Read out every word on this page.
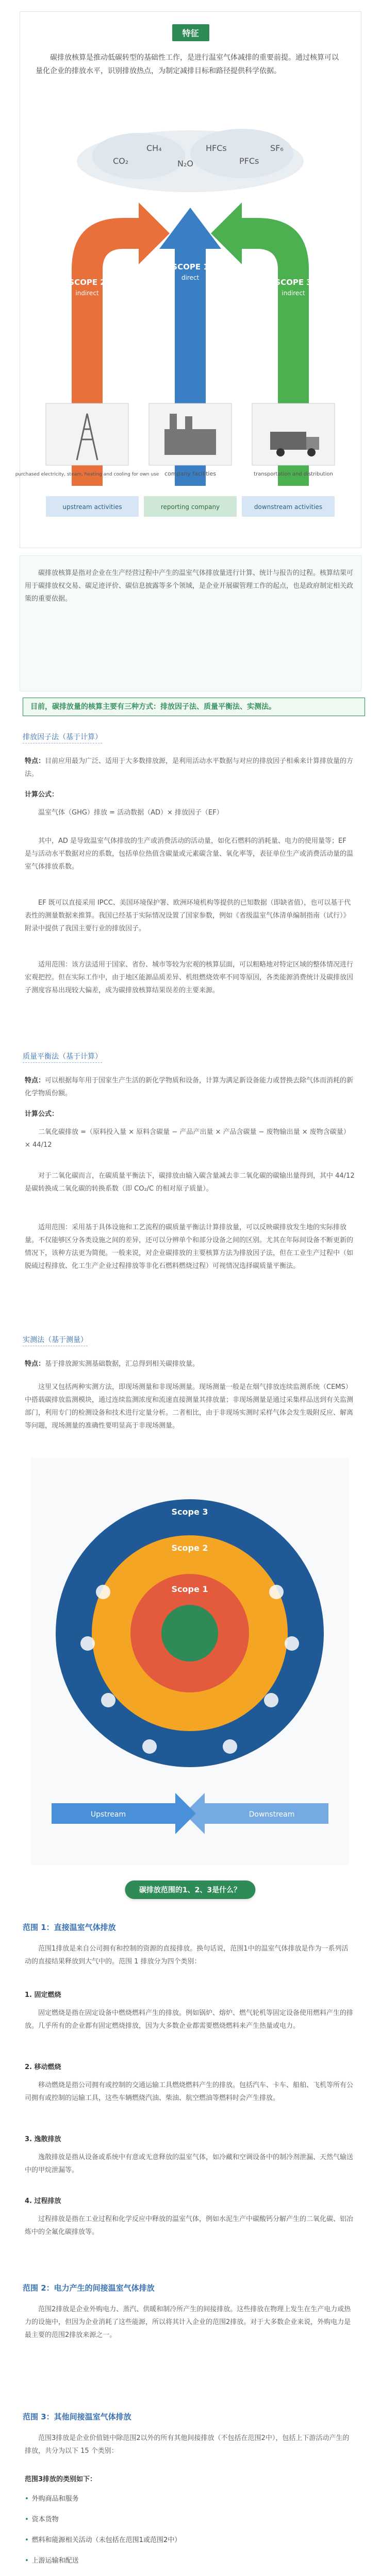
特征
碳排放核算是推动低碳转型的基础性工作，是进行温室气体减排的重要前提。通过核算可以量化企业的排放水平，识别排放热点，为制定减排目标和路径提供科学依据。
CO₂
CH₄
N₂O
HFCs
PFCs
SF₆
SCOPE 2
indirect
SCOPE 1
direct	SCOPE 3
indirect
purchased electricity, steam, heating and cooling for own use company facilities	transportation and distribution
upstream activities	reporting company	downstream activities
碳排放核算是指对企业在生产经营过程中产生的温室气体排放量进行计算、统计与报告的过程。核算结果可用于碳排放权交易、碳足迹评价、碳信息披露等多个领域，是企业开展碳管理工作的起点，也是政府制定相关政策的重要依据。
目前，碳排放量的核算主要有三种方式：排放因子法、质量平衡法、实测法。
排放因子法（基于计算）
特点：目前应用最为广泛、适用于大多数排放源，是利用活动水平数据与对应的排放因子相乘来计算排放量的方法。
计算公式：
温室气体（GHG）排放 = 活动数据（AD）× 排放因子（EF）
其中，AD 是导致温室气体排放的生产或消费活动的活动量，如化石燃料的消耗量、电力的使用量等；EF 是与活动水平数据对应的系数，包括单位热值含碳量或元素碳含量、氧化率等，表征单位生产或消费活动量的温室气体排放系数。
EF 既可以直接采用 IPCC、美国环境保护署、欧洲环境机构等提供的已知数据（即缺省值），也可以基于代表性的测量数据来推算。我国已经基于实际情况设置了国家参数，例如《省级温室气体清单编制指南（试行）》附录中提供了我国主要行业的排放因子。
适用范围：该方法适用于国家、省份、城市等较为宏观的核算层面，可以粗略地对特定区域的整体情况进行宏观把控。但在实际工作中，由于地区能源品质差异、机组燃烧效率不同等原因，各类能源消费统计及碳排放因子测度容易出现较大偏差，成为碳排放核算结果误差的主要来源。
质量平衡法（基于计算）
特点：可以根据每年用于国家生产生活的新化学物质和设备，计算为满足新设备能力或替换去除气体而消耗的新化学物质份额。
计算公式：
二氧化碳排放 =（原料投入量 × 原料含碳量 − 产品产出量 × 产品含碳量 − 废物输出量 × 废物含碳量）× 44/12
对于二氧化碳而言，在碳质量平衡法下，碳排放由输入碳含量减去非二氧化碳的碳输出量得到，其中 44/12 是碳转换成二氧化碳的转换系数（即 CO₂/C 的相对原子质量）。
适用范围：采用基于具体设施和工艺流程的碳质量平衡法计算排放量，可以反映碳排放发生地的实际排放量。不仅能够区分各类设施之间的差异，还可以分辨单个和部分设备之间的区别。尤其在年际间设备不断更新的情况下，该种方法更为简便。一般来说，对企业碳排放的主要核算方法为排放因子法，但在工业生产过程中（如脱硫过程排放、化工生产企业过程排放等非化石燃料燃烧过程）可视情况选择碳质量平衡法。
实测法（基于测量）
特点：基于排放源实测基础数据，汇总得到相关碳排放量。
这里又包括两种实测方法，即现场测量和非现场测量。现场测量一般是在烟气排放连续监测系统（CEMS）中搭载碳排放监测模块，通过连续监测浓度和流速直接测量其排放量；非现场测量是通过采集样品送到有关监测部门，利用专门的检测设备和技术进行定量分析。二者相比，由于非现场实测时采样气体会发生吸附反应、解离等问题，现场测量的准确性要明显高于非现场测量。
Scope 3
Scope 2
Scope 1
Upstream	Downstream
碳排放范围的1、2、3是什么？
范围 1：直接温室气体排放
范围1排放是来自公司拥有和控制的资源的直接排放。换句话说，范围1中的温室气体排放是作为一系列活动的直接结果释放到大气中的。范围 1 排放分为四个类别：
1. 固定燃烧
固定燃烧是指在固定设备中燃烧燃料产生的排放。例如锅炉、熔炉、燃气轮机等固定设备使用燃料产生的排放。几乎所有的企业都有固定燃烧排放，因为大多数企业都需要燃烧燃料来产生热量或电力。
2. 移动燃烧
移动燃烧是指公司拥有或控制的交通运输工具燃烧燃料产生的排放。包括汽车、卡车、船舶、飞机等所有公司拥有或控制的运输工具，这些车辆燃烧汽油、柴油、航空燃油等燃料时会产生排放。
3. 逸散排放
逸散排放是指从设备或系统中有意或无意释放的温室气体，如冷藏和空调设备中的制冷剂泄漏、天然气输送中的甲烷泄漏等。
4. 过程排放
过程排放是指在工业过程和化学反应中释放的温室气体，例如水泥生产中碳酸钙分解产生的二氧化碳、铝冶炼中的全氟化碳排放等。
范围 2：电力产生的间接温室气体排放
范围2排放是企业外购电力、蒸汽、供暖和制冷所产生的间接排放。这些排放在物理上发生在生产电力或热力的设施中，但因为企业消耗了这些能源，所以将其计入企业的范围2排放。对于大多数企业来说，外购电力是最主要的范围2排放来源之一。
范围 3：其他间接温室气体排放
范围3排放是企业价值链中除范围2以外的所有其他间接排放（不包括在范围2中），包括上下游活动产生的排放，共分为以下 15 个类别：
范围3排放的类别如下：
• 外购商品和服务
• 资本货物
• 燃料和能源相关活动（未包括在范围1或范围2中）
• 上游运输和配送
